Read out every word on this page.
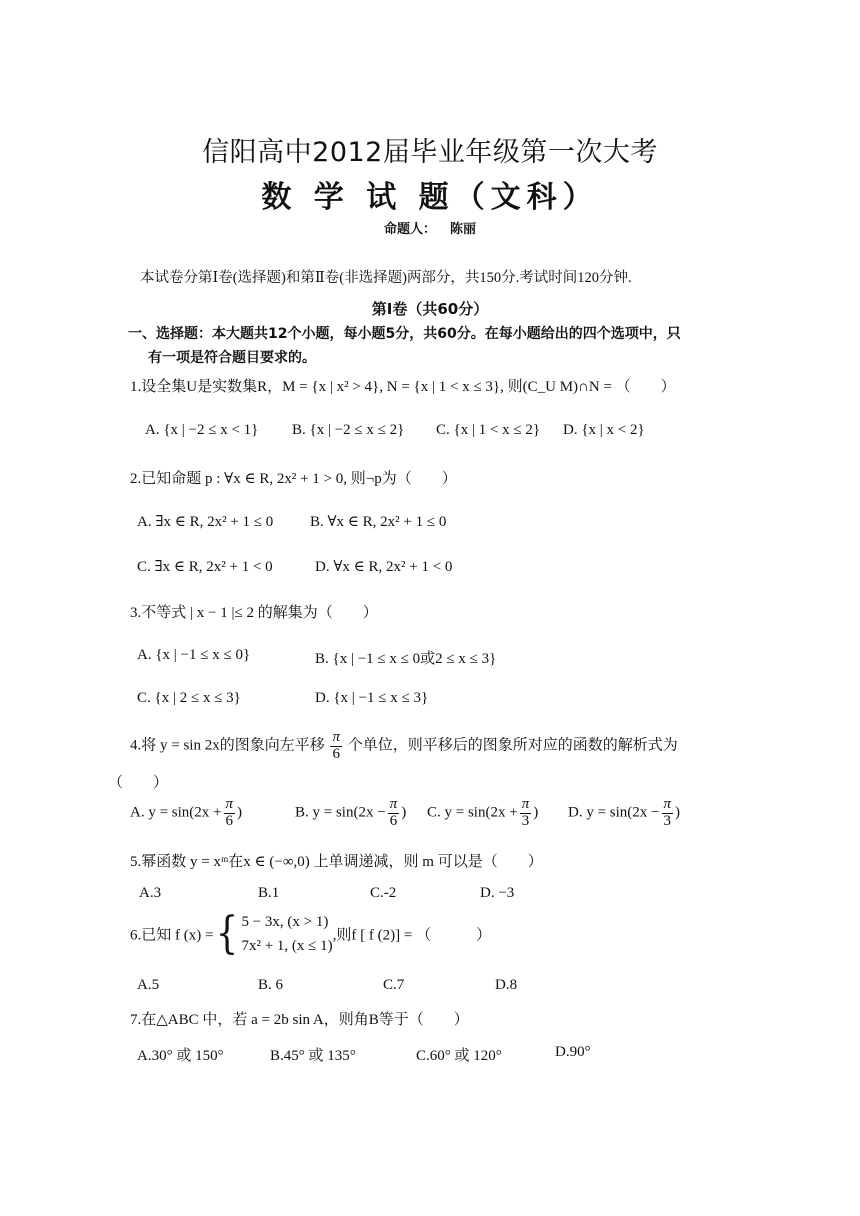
信阳高中2012届毕业年级第一次大考
数 学 试 题（文科）
命题人： 陈丽
本试卷分第Ⅰ卷(选择题)和第Ⅱ卷(非选择题)两部分，共150分.考试时间120分钟.
第Ⅰ卷（共60分）
一、选择题：本大题共12个小题，每小题5分，共60分。在每小题给出的四个选项中，只
有一项是符合题目要求的。
1.设全集U是实数集R，M = {x | x² > 4}, N = {x | 1 < x ≤ 3}, 则(C_U M)∩N = （　　）
A. {x | −2 ≤ x < 1} B. {x | −2 ≤ x ≤ 2} C. {x | 1 < x ≤ 2} D. {x | x < 2}
2.已知命题 p : ∀x ∈ R, 2x² + 1 > 0, 则¬p为（　　）
A. ∃x ∈ R, 2x² + 1 ≤ 0 B. ∀x ∈ R, 2x² + 1 ≤ 0
C. ∃x ∈ R, 2x² + 1 < 0	D. ∀x ∈ R, 2x² + 1 < 0
3.不等式 | x − 1 |≤ 2 的解集为（　　）
A. {x | −1 ≤ x ≤ 0}	B. {x | −1 ≤ x ≤ 0或2 ≤ x ≤ 3}
C. {x | 2 ≤ x ≤ 3}	D. {x | −1 ≤ x ≤ 3}
4.将 y = sin 2x的图象向左平移 $\frac{\pi}{6}$ 个单位，则平移后的图象所对应的函数的解析式为
（　　）
A. $y = \sin(2x + \frac{\pi}{6}$ )	B. $y = \sin(2x - \frac{\pi}{6}$ ) C. $y = \sin(2x + \frac{\pi}{3}$ ) D. $y = \sin(2x - \frac{\pi}{3}$ )
5.幂函数 y = xᵐ在x ∈ (−∞,0) 上单调递减，则 m 可以是（　　）
A.3	B.1	C.-2	D. −3
6.已知 f (x) ={ 5 − 3x, (x > 1)
7x² + 1, (x ≤ 1)
,则f [ f (2)] = （　　　）
A.5	B. 6	C.7	D.8
7.在△ABC 中，若 a = 2b sin A，则角B等于（　　）
A.30° 或 150°	B.45° 或 135°	C.60° 或 120°	D.90°
